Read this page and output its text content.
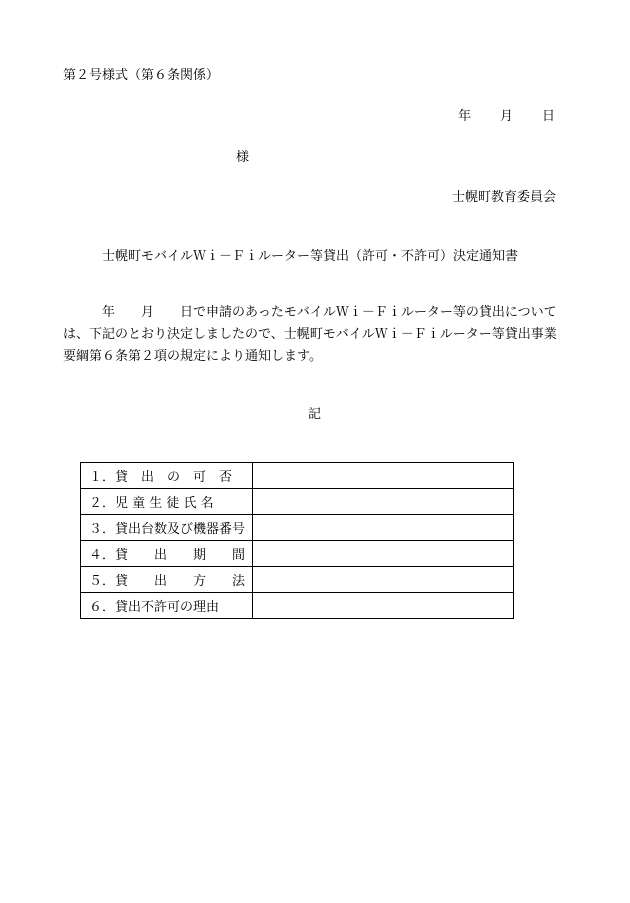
第２号様式（第６条関係）
年　　月　　日
様
士幌町教育委員会
士幌町モバイルＷｉ－Ｆｉルーター等貸出（許可・不許可）決定通知書

　　　年　　月　　日で申請のあったモバイルＷｉ－Ｆｉルーター等の貸出については、下記のとおり決定しましたので、士幌町モバイルＷｉ－Ｆｉルーター等貸出事業要綱第６条第２項の規定により通知します。

記
１．貸　出　の　可　否	
２．児 童 生 徒 氏 名	
３．貸出台数及び機器番号	
４．貸　　出　　期　　間	
５．貸　　出　　方　　法	
６．貸出不許可の理由	
